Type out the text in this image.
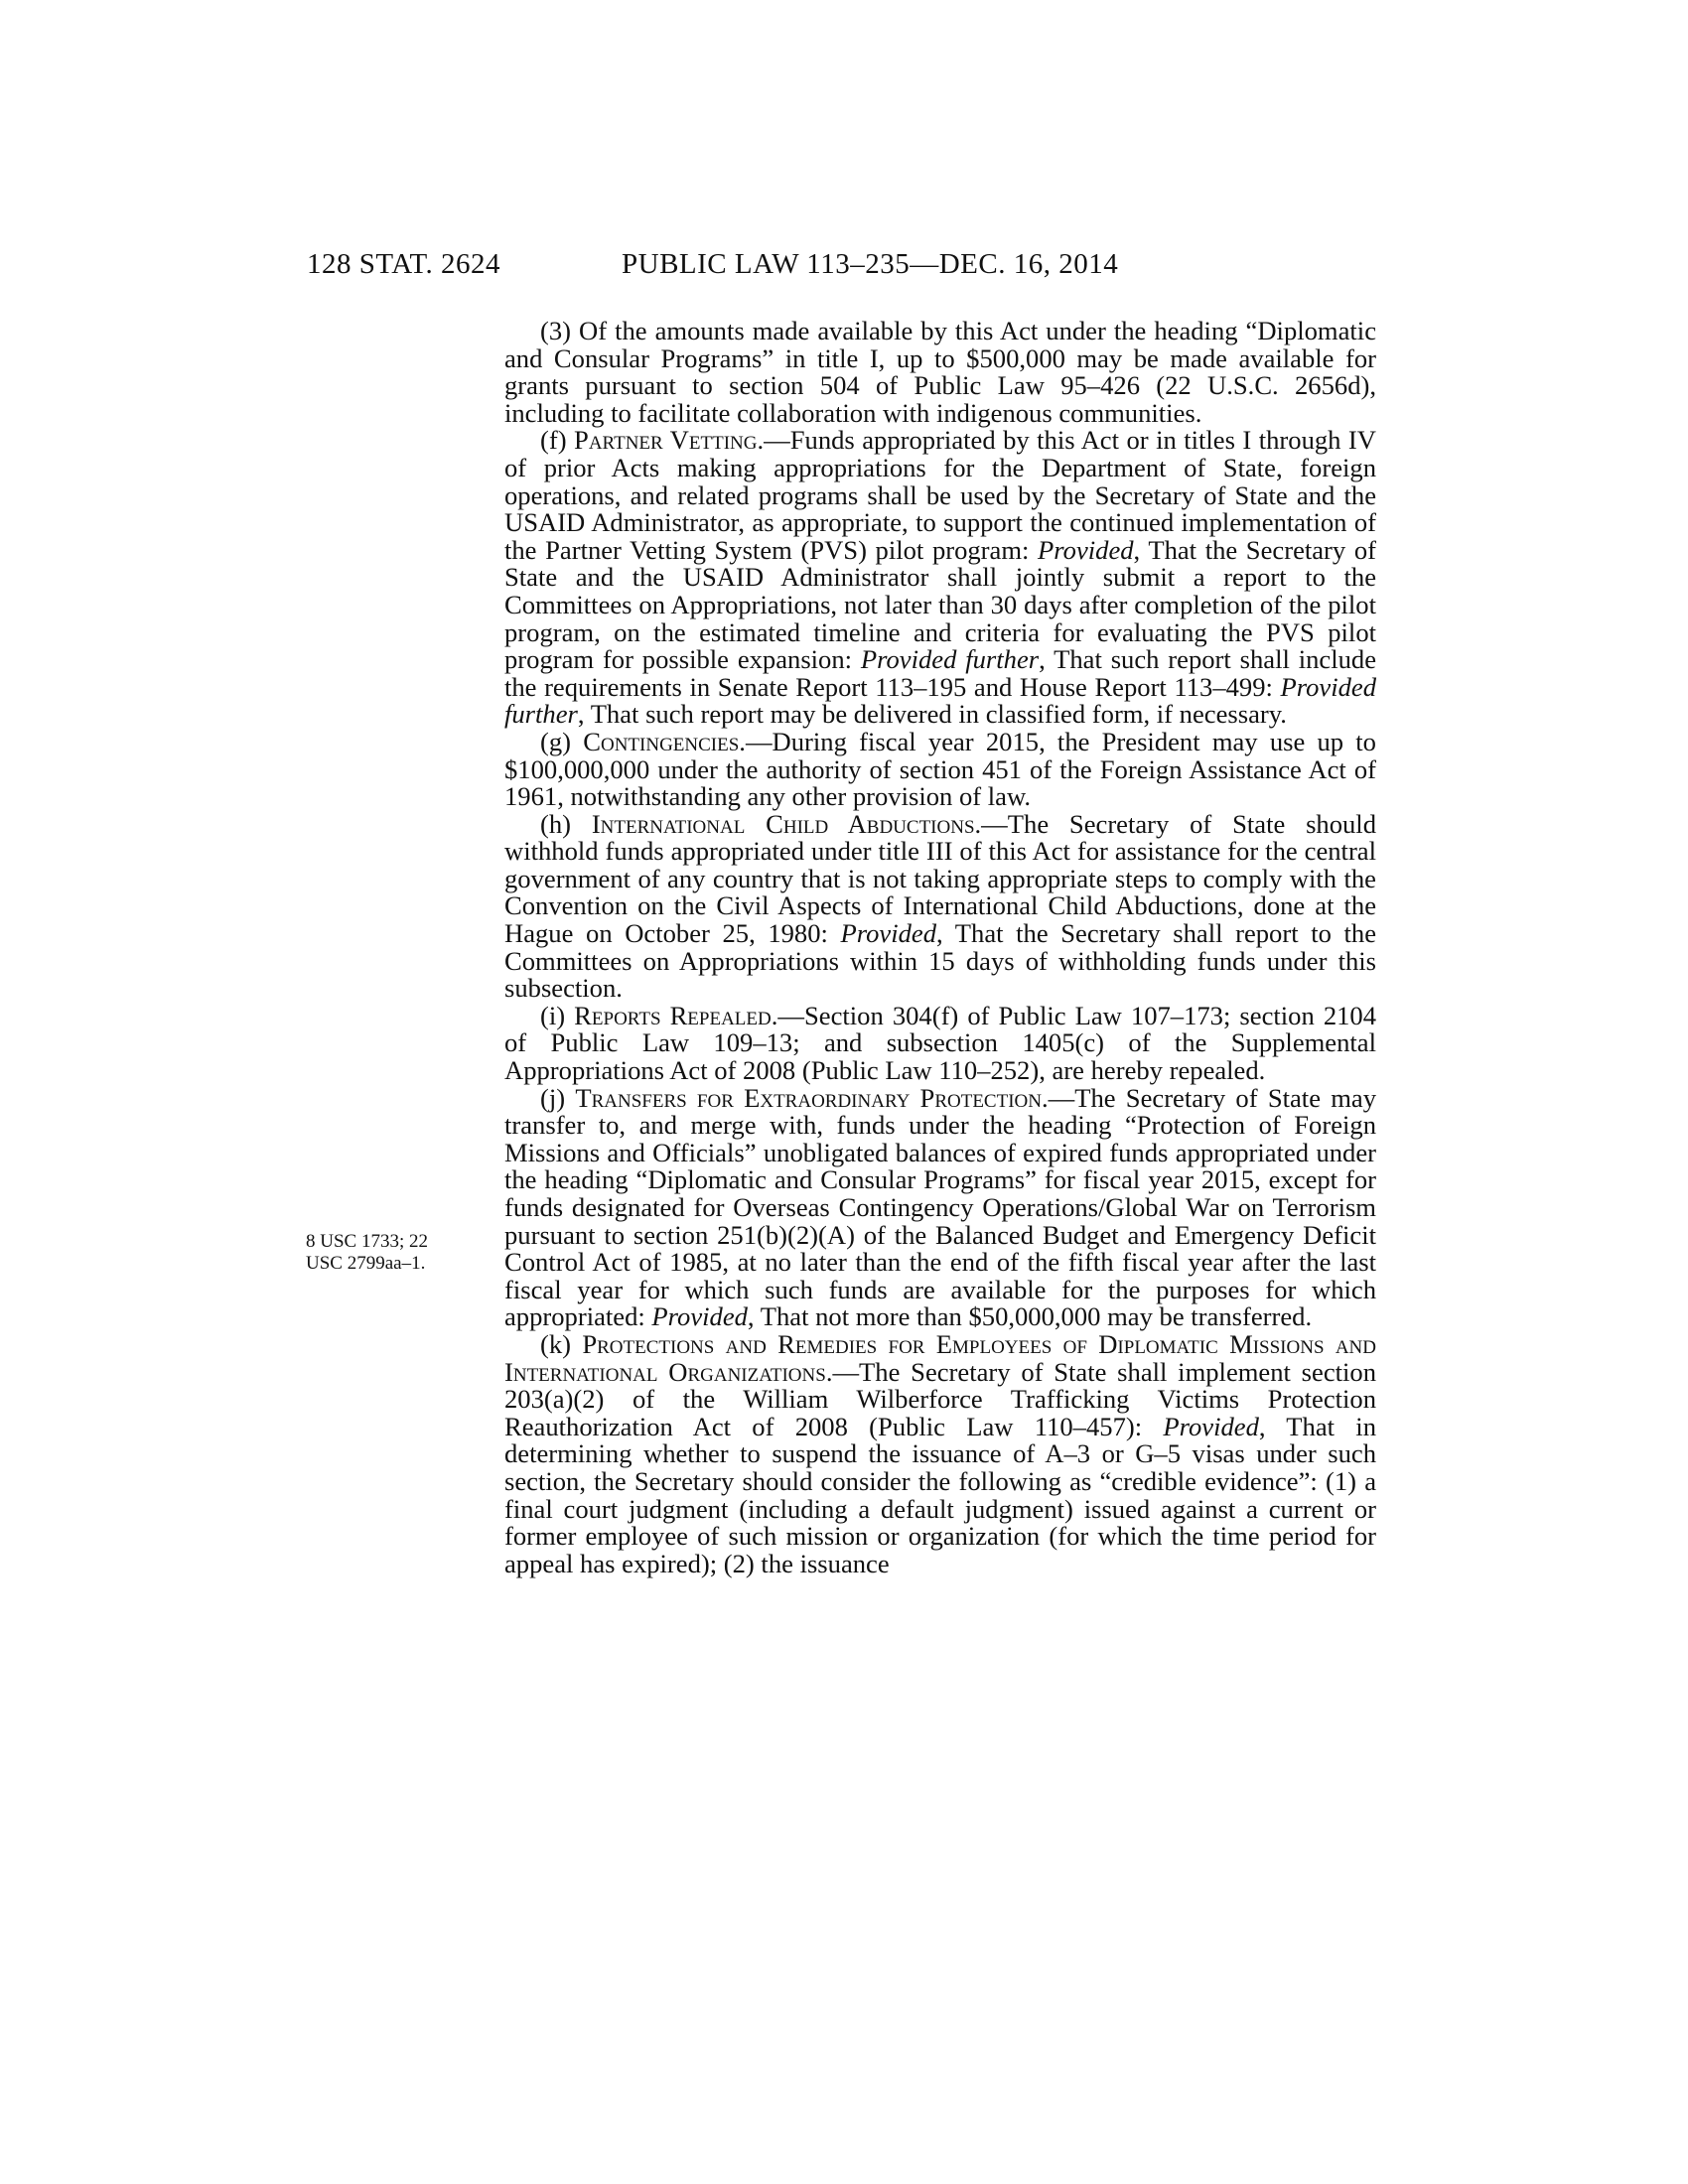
128 STAT. 2624	PUBLIC LAW 113–235—DEC. 16, 2014
8 USC 1733; 22
USC 2799aa–1.

(3) Of the amounts made available by this Act under the heading “Diplomatic and Consular Programs” in title I, up to $500,000 may be made available for grants pursuant to section 504 of Public Law 95–426 (22 U.S.C. 2656d), including to facilitate collaboration with indigenous communities.

(f) Partner Vetting.—Funds appropriated by this Act or in titles I through IV of prior Acts making appropriations for the Department of State, foreign operations, and related programs shall be used by the Secretary of State and the USAID Administrator, as appropriate, to support the continued implementation of the Partner Vetting System (PVS) pilot program: Provided, That the Secretary of State and the USAID Administrator shall jointly submit a report to the Committees on Appropriations, not later than 30 days after completion of the pilot program, on the estimated timeline and criteria for evaluating the PVS pilot program for possible expansion: Provided further, That such report shall include the requirements in Senate Report 113–195 and House Report 113–499: Provided further, That such report may be delivered in classified form, if necessary.

(g) Contingencies.—During fiscal year 2015, the President may use up to $100,000,000 under the authority of section 451 of the Foreign Assistance Act of 1961, notwithstanding any other provision of law.

(h) International Child Abductions.—The Secretary of State should withhold funds appropriated under title III of this Act for assistance for the central government of any country that is not taking appropriate steps to comply with the Convention on the Civil Aspects of International Child Abductions, done at the Hague on October 25, 1980: Provided, That the Secretary shall report to the Committees on Appropriations within 15 days of withholding funds under this subsection.

(i) Reports Repealed.—Section 304(f) of Public Law 107–173; section 2104 of Public Law 109–13; and subsection 1405(c) of the Supplemental Appropriations Act of 2008 (Public Law 110–252), are hereby repealed.

(j) Transfers for Extraordinary Protection.—The Secretary of State may transfer to, and merge with, funds under the heading “Protection of Foreign Missions and Officials” unobligated balances of expired funds appropriated under the heading “Diplomatic and Consular Programs” for fiscal year 2015, except for funds designated for Overseas Contingency Operations/Global War on Terrorism pursuant to section 251(b)(2)(A) of the Balanced Budget and Emergency Deficit Control Act of 1985, at no later than the end of the fifth fiscal year after the last fiscal year for which such funds are available for the purposes for which appropriated: Provided, That not more than $50,000,000 may be transferred.

(k) Protections and Remedies for Employees of Diplomatic Missions and International Organizations.—The Secretary of State shall implement section 203(a)(2) of the William Wilberforce Trafficking Victims Protection Reauthorization Act of 2008 (Public Law 110–457): Provided, That in determining whether to suspend the issuance of A–3 or G–5 visas under such section, the Secretary should consider the following as “credible evidence”: (1) a final court judgment (including a default judgment) issued against a current or former employee of such mission or organization (for which the time period for appeal has expired); (2) the issuance
